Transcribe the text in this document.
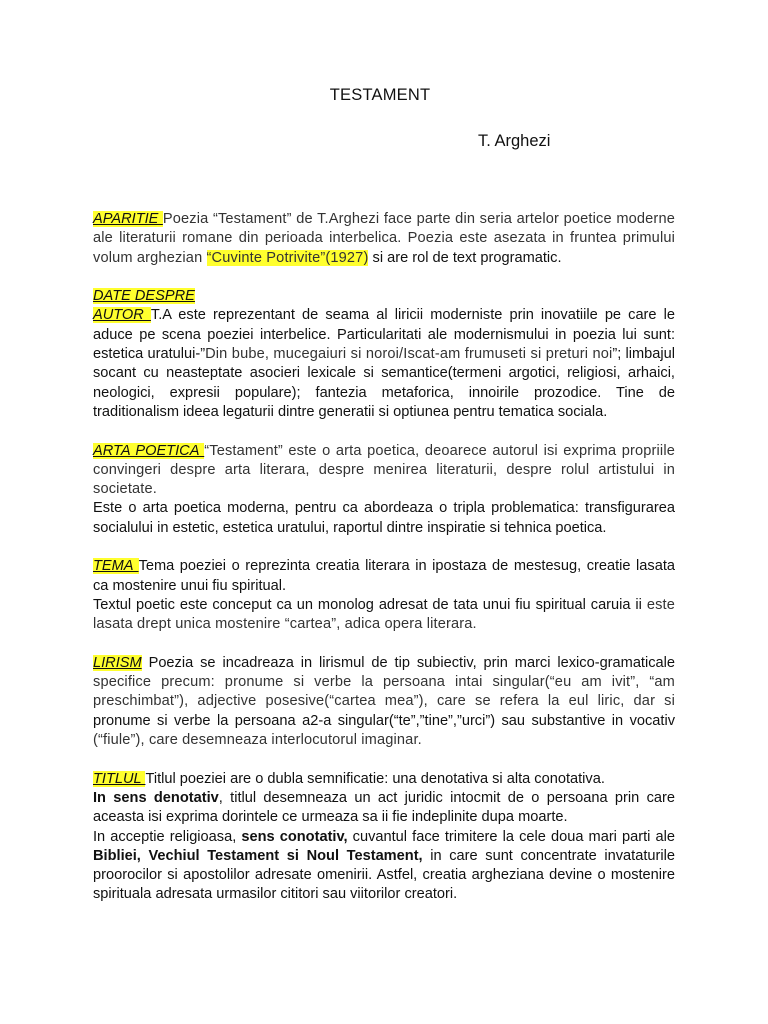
TESTAMENT
T. Arghezi

APARITIE Poezia “Testament” de T.Arghezi face parte din seria artelor poetice moderne ale literaturii romane din perioada interbelica. Poezia este asezata in fruntea primului volum arghezian “Cuvinte Potrivite”(1927) si are rol de text programatic.

DATE DESPRE

AUTOR T.A este reprezentant de seama al liricii moderniste prin inovatiile pe care le aduce pe scena poeziei interbelice. Particularitati ale modernismului in poezia lui sunt: estetica uratului-”Din bube, mucegaiuri si noroi/Iscat-am frumuseti si preturi noi”; limbajul socant cu neasteptate asocieri lexicale si semantice(termeni argotici, religiosi, arhaici, neologici, expresii populare); fantezia metaforica, innoirile prozodice. Tine de traditionalism ideea legaturii dintre generatii si optiunea pentru tematica sociala.

ARTA POETICA “Testament” este o arta poetica, deoarece autorul isi exprima propriile convingeri despre arta literara, despre menirea literaturii, despre rolul artistului in societate.

Este o arta poetica moderna, pentru ca abordeaza o tripla problematica: transfigurarea socialului in estetic, estetica uratului, raportul dintre inspiratie si tehnica poetica.

TEMA Tema poeziei o reprezinta creatia literara in ipostaza de mestesug, creatie lasata ca mostenire unui fiu spiritual.

Textul poetic este conceput ca un monolog adresat de tata unui fiu spiritual caruia ii este lasata drept unica mostenire “cartea”, adica opera literara.

LIRISM Poezia se incadreaza in lirismul de tip subiectiv, prin marci lexico-gramaticale specifice precum: pronume si verbe la persoana intai singular(“eu am ivit”, “am preschimbat”), adjective posesive(“cartea mea”), care se refera la eul liric, dar si pronume si verbe la persoana a2-a singular(“te”,”tine”,”urci”) sau substantive in vocativ (“fiule”), care desemneaza interlocutorul imaginar.

TITLUL Titlul poeziei are o dubla semnificatie: una denotativa si alta conotativa.

In sens denotativ, titlul desemneaza un act juridic intocmit de o persoana prin care aceasta isi exprima dorintele ce urmeaza sa ii fie indeplinite dupa moarte.

In acceptie religioasa, sens conotativ, cuvantul face trimitere la cele doua mari parti ale Bibliei, Vechiul Testament si Noul Testament, in care sunt concentrate invataturile proorocilor si apostolilor adresate omenirii. Astfel, creatia argheziana devine o mostenire spirituala adresata urmasilor cititori sau viitorilor creatori.
